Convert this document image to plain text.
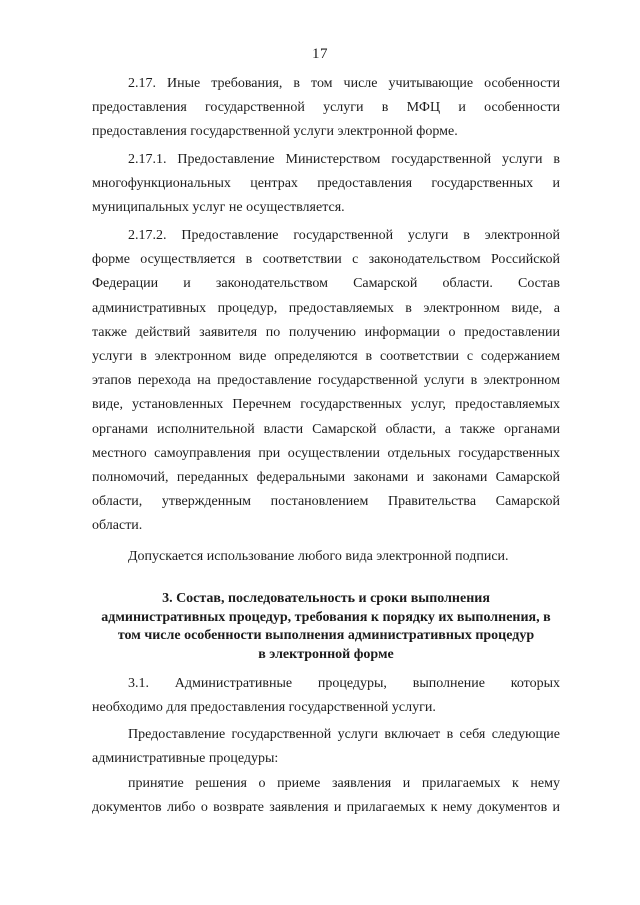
17
2.17. Иные требования, в том числе учитывающие особенности
предоставления государственной услуги в МФЦ и особенности
предоставления государственной услуги электронной форме.
2.17.1. Предоставление Министерством государственной услуги в
многофункциональных центрах предоставления государственных и
муниципальных услуг не осуществляется.
2.17.2. Предоставление государственной услуги в электронной
форме осуществляется в соответствии с законодательством Российской
Федерации и законодательством Самарской области. Состав
административных процедур, предоставляемых в электронном виде, а
также действий заявителя по получению информации о предоставлении
услуги в электронном виде определяются в соответствии с содержанием
этапов перехода на предоставление государственной услуги в электронном
виде, установленных Перечнем государственных услуг, предоставляемых
органами исполнительной власти Самарской области, а также органами
местного самоуправления при осуществлении отдельных государственных
полномочий, переданных федеральными законами и законами Самарской
области, утвержденным постановлением Правительства Самарской
области.
Допускается использование любого вида электронной подписи.
3. Состав, последовательность и сроки выполнения
административных процедур, требования к порядку их выполнения, в
том числе особенности выполнения административных процедур
в электронной форме
3.1. Административные процедуры, выполнение которых
необходимо для предоставления государственной услуги.
Предоставление государственной услуги включает в себя следующие
административные процедуры:
принятие решения о приеме заявления и прилагаемых к нему
документов либо о возврате заявления и прилагаемых к нему документов и
